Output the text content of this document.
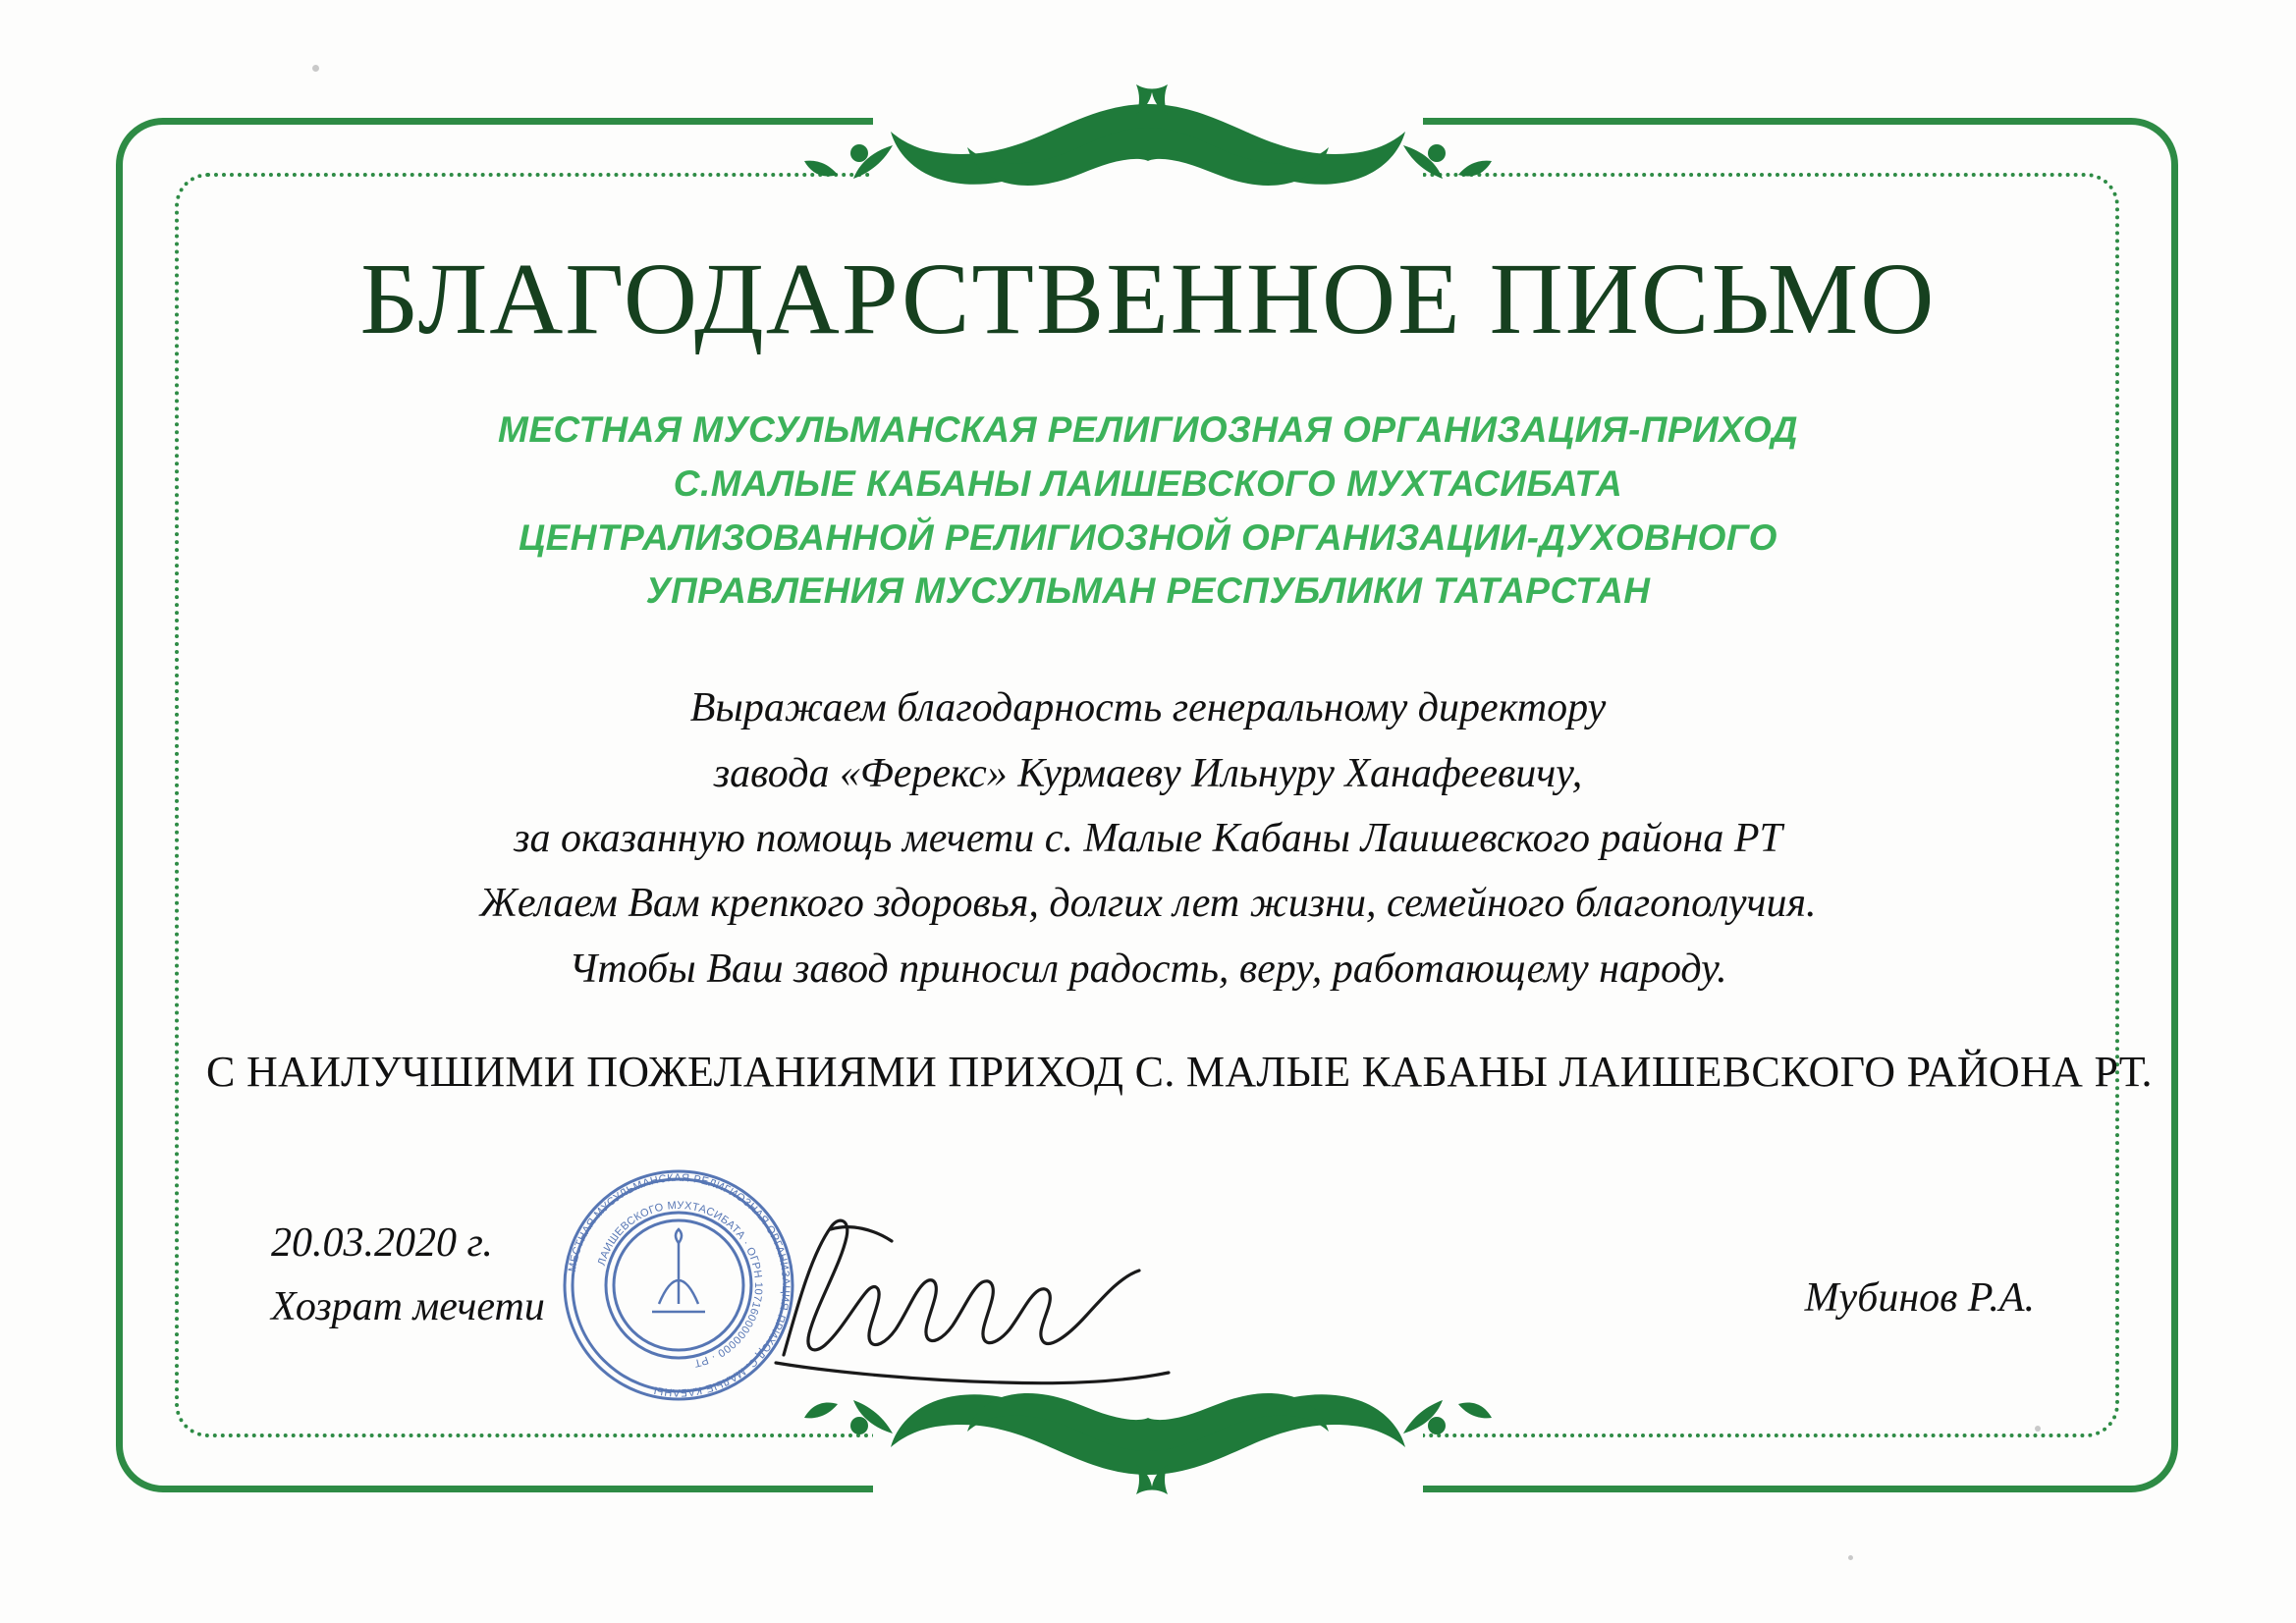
БЛАГОДАРСТВЕННОЕ ПИСЬМО
МЕСТНАЯ МУСУЛЬМАНСКАЯ РЕЛИГИОЗНАЯ ОРГАНИЗАЦИЯ-ПРИХОД
С.МАЛЫЕ КАБАНЫ ЛАИШЕВСКОГО МУХТАСИБАТА
ЦЕНТРАЛИЗОВАННОЙ РЕЛИГИОЗНОЙ ОРГАНИЗАЦИИ-ДУХОВНОГО
УПРАВЛЕНИЯ МУСУЛЬМАН РЕСПУБЛИКИ ТАТАРСТАН
Выражаем благодарность генеральному директору
завода «Ферекс» Курмаеву Ильнуру Ханафеевичу,
за оказанную помощь мечети с. Малые Кабаны Лаишевского района РТ
Желаем Вам крепкого здоровья, долгих лет жизни, семейного благополучия.
Чтобы Ваш завод приносил радость, веру, работающему народу.
С НАИЛУЧШИМИ ПОЖЕЛАНИЯМИ ПРИХОД С. МАЛЫЕ КАБАНЫ ЛАИШЕВСКОГО РАЙОНА РТ.
20.03.2020 г.
Хозрат мечети	Мубинов Р.А.
МЕСТНАЯ МУСУЛЬМАНСКАЯ РЕЛИГИОЗНАЯ ОРГАНИЗАЦИЯ-ПРИХОД С. МАЛЫЕ КАБАНЫ
ЛАИШЕВСКОГО МУХТАСИБАТА · ОГРН 1071600000000 · РТ
